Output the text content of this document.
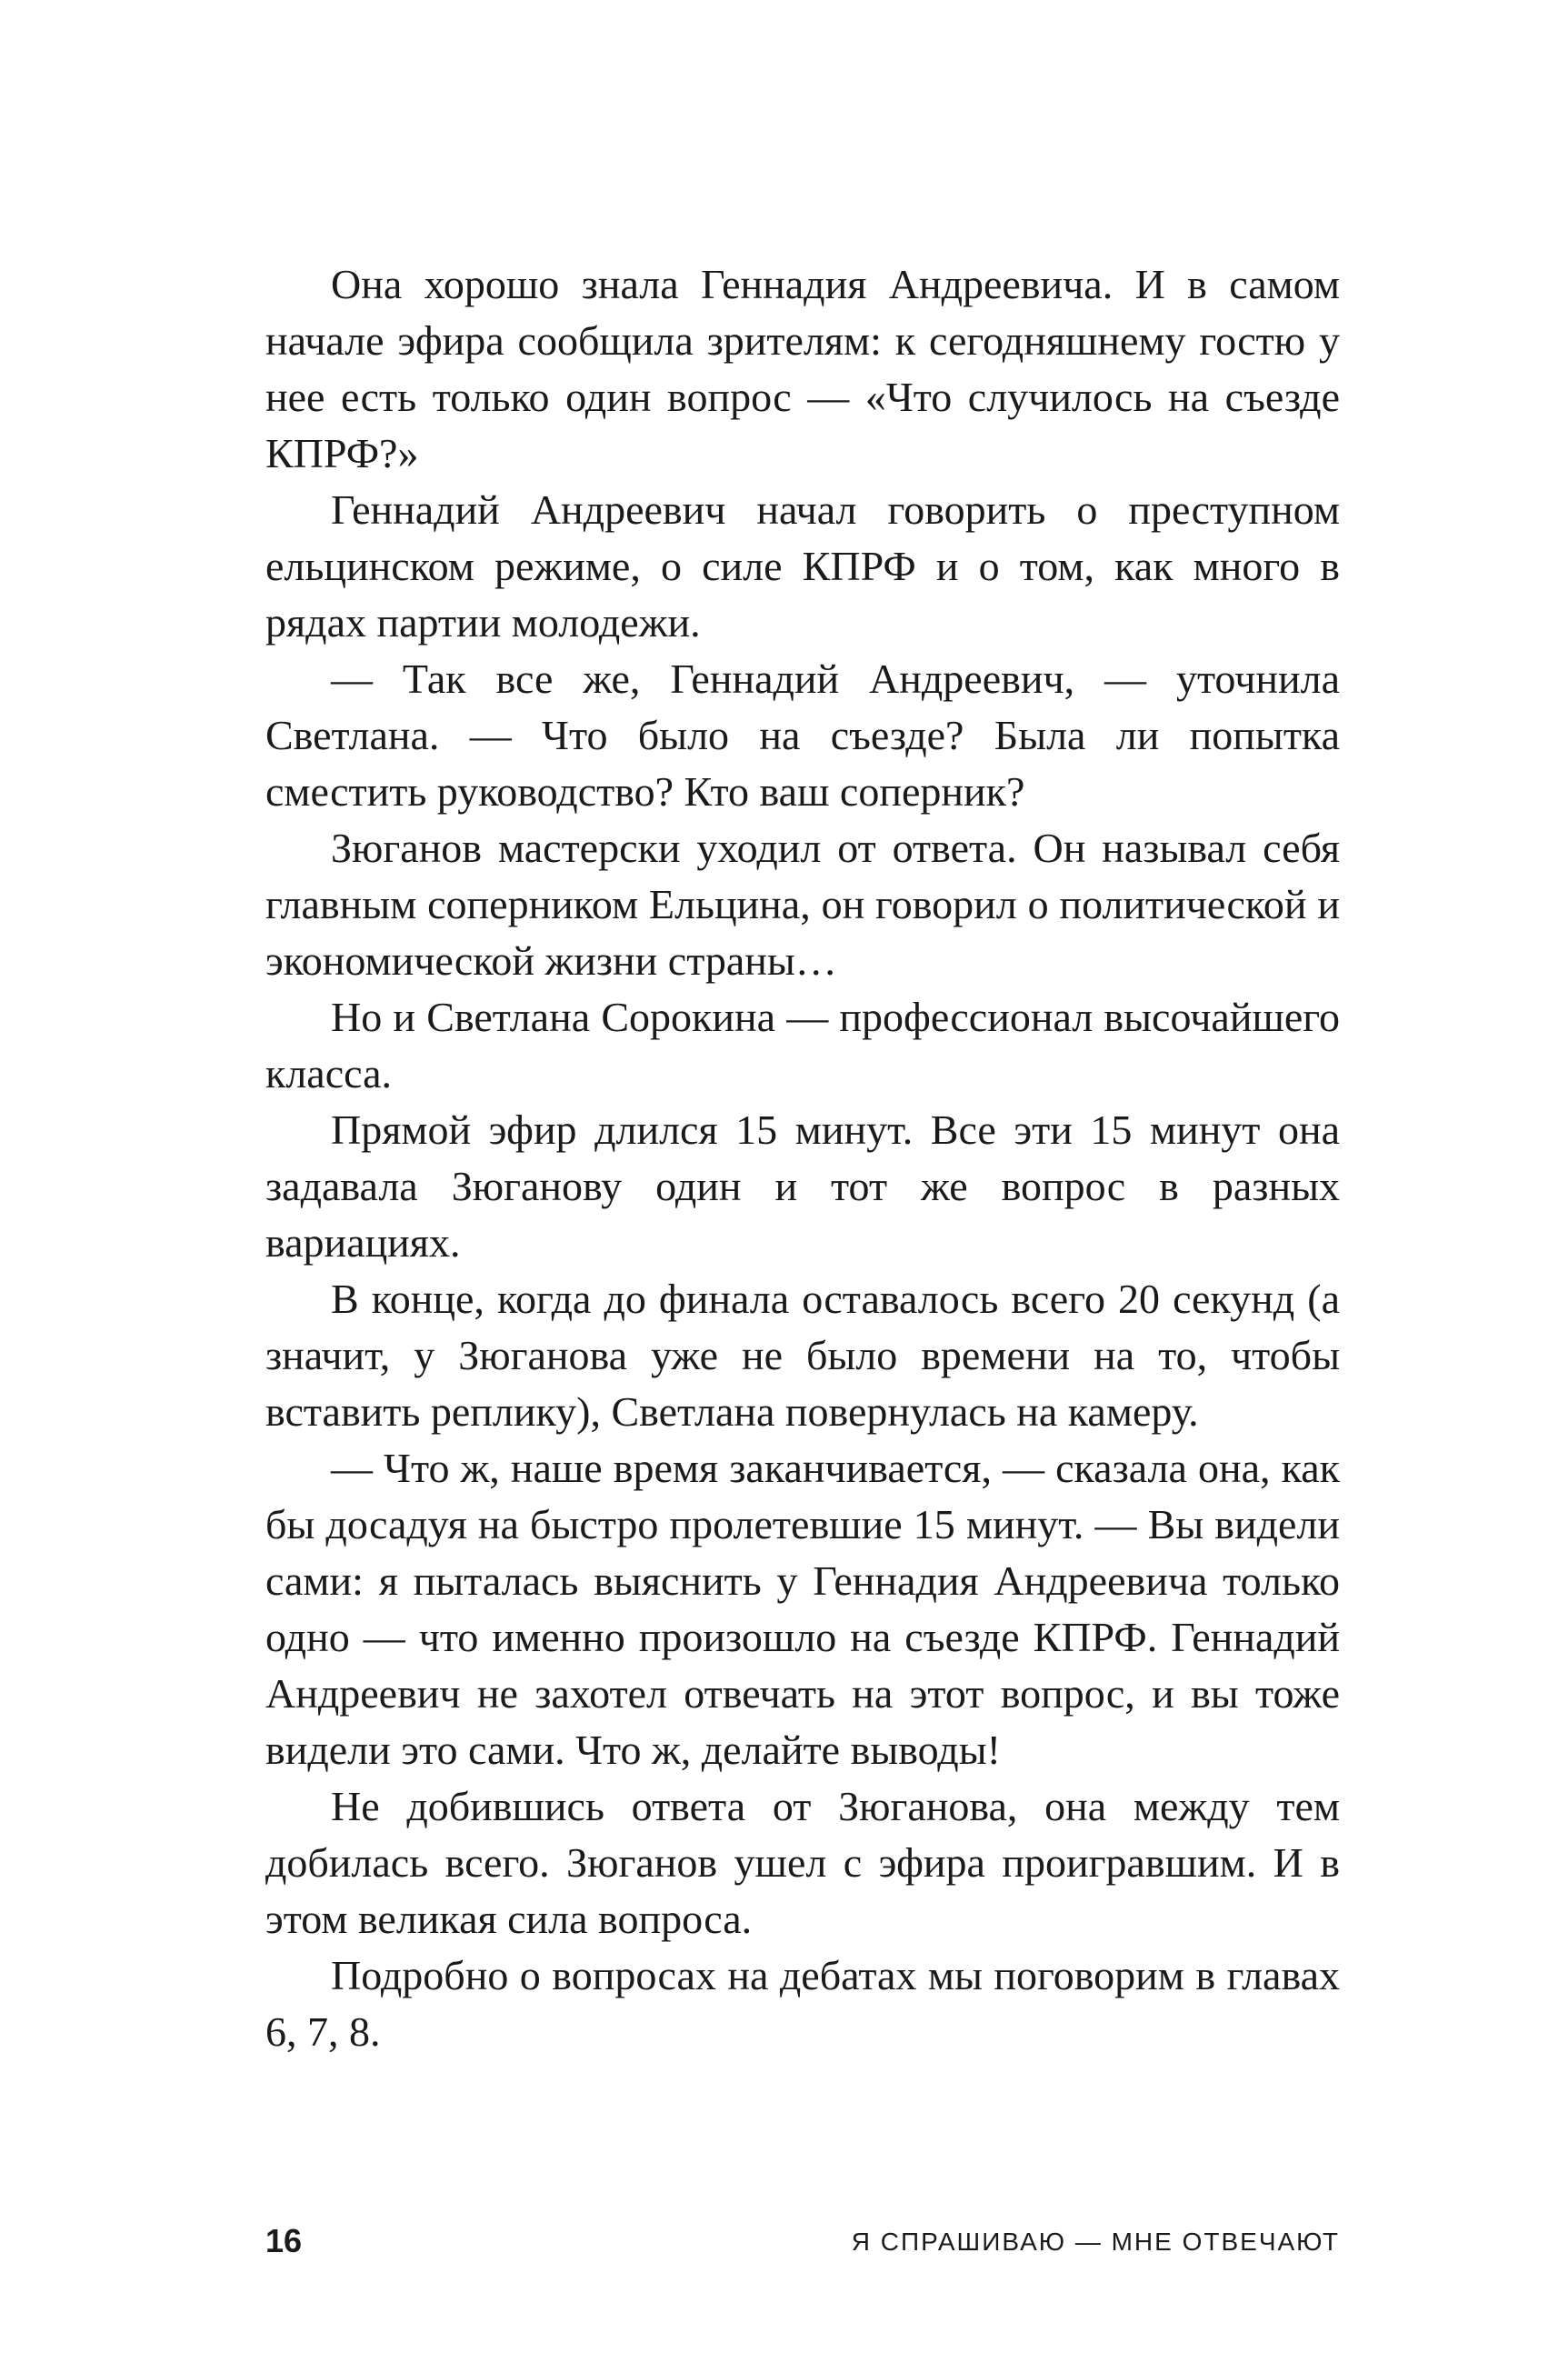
Она хорошо знала Геннадия Андреевича. И в самом начале эфира сообщила зрителям: к сегодняшнему гостю у нее есть только один вопрос — «Что случилось на съезде КПРФ?»

Геннадий Андреевич начал говорить о преступном ельцинском режиме, о силе КПРФ и о том, как много в рядах партии молодежи.

— Так все же, Геннадий Андреевич, — уточнила Светлана. — Что было на съезде? Была ли попытка сместить руководство? Кто ваш соперник?

Зюганов мастерски уходил от ответа. Он называл себя главным соперником Ельцина, он говорил о политической и экономической жизни страны…

Но и Светлана Сорокина — профессионал высочайшего класса.

Прямой эфир длился 15 минут. Все эти 15 минут она задавала Зюганову один и тот же вопрос в разных вариациях.

В конце, когда до финала оставалось всего 20 секунд (а значит, у Зюганова уже не было времени на то, чтобы вставить реплику), Светлана повернулась на камеру.

— Что ж, наше время заканчивается, — сказала она, как бы досадуя на быстро пролетевшие 15 минут. — Вы видели сами: я пыталась выяснить у Геннадия Андреевича только одно — что именно произошло на съезде КПРФ. Геннадий Андреевич не захотел отвечать на этот вопрос, и вы тоже видели это сами. Что ж, делайте выводы!

Не добившись ответа от Зюганова, она между тем добилась всего. Зюганов ушел с эфира проигравшим. И в этом великая сила вопроса.

Подробно о вопросах на дебатах мы поговорим в главах 6, 7, 8.

16	Я СПРАШИВАЮ — МНЕ ОТВЕЧАЮТ
